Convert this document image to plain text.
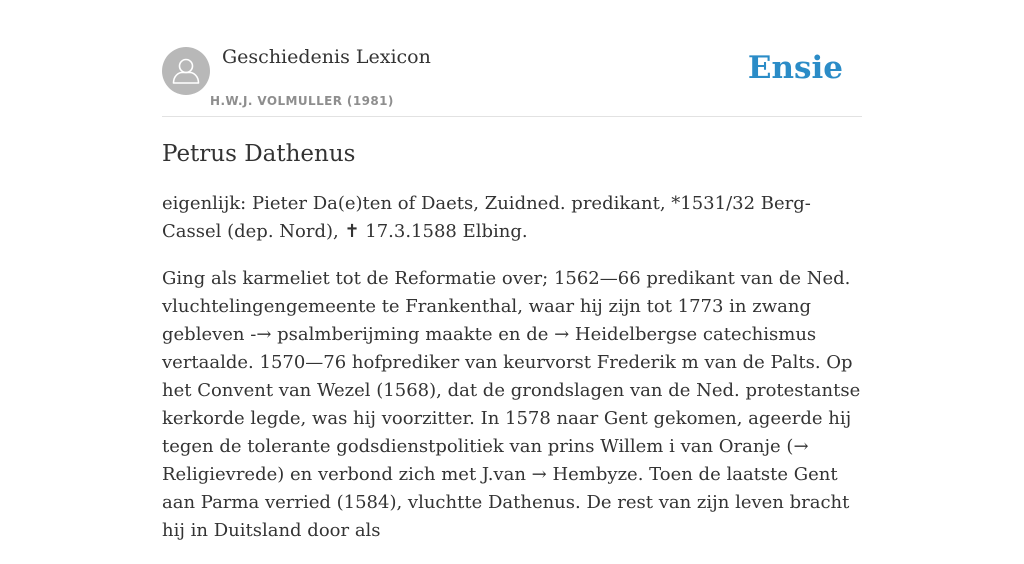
Geschiedenis Lexicon
H.W.J. VOLMULLER (1981)
Ensie
Petrus Dathenus

eigenlijk: Pieter Da(e)ten of Daets, Zuidned. predikant, *1531/32 Berg-Cassel (dep. Nord), ✝ 17.3.1588 Elbing.

Ging als karmeliet tot de Reformatie over; 1562—66 predikant van de Ned. vluchtelingengemeente te Frankenthal, waar hij zijn tot 1773 in zwang gebleven -→ psalmberijming maakte en de → Heidelbergse catechismus vertaalde. 1570—76 hofprediker van keurvorst Frederik m van de Palts. Op het Convent van Wezel (1568), dat de grondslagen van de Ned. protestantse kerkorde legde, was hij voorzitter. In 1578 naar Gent gekomen, ageerde hij tegen de tolerante godsdienstpolitiek van prins Willem i van Oranje (→ Religievrede) en verbond zich met J.van → Hembyze. Toen de laatste Gent aan Parma verried (1584), vluchtte Dathenus. De rest van zijn leven bracht hij in Duitsland door als
